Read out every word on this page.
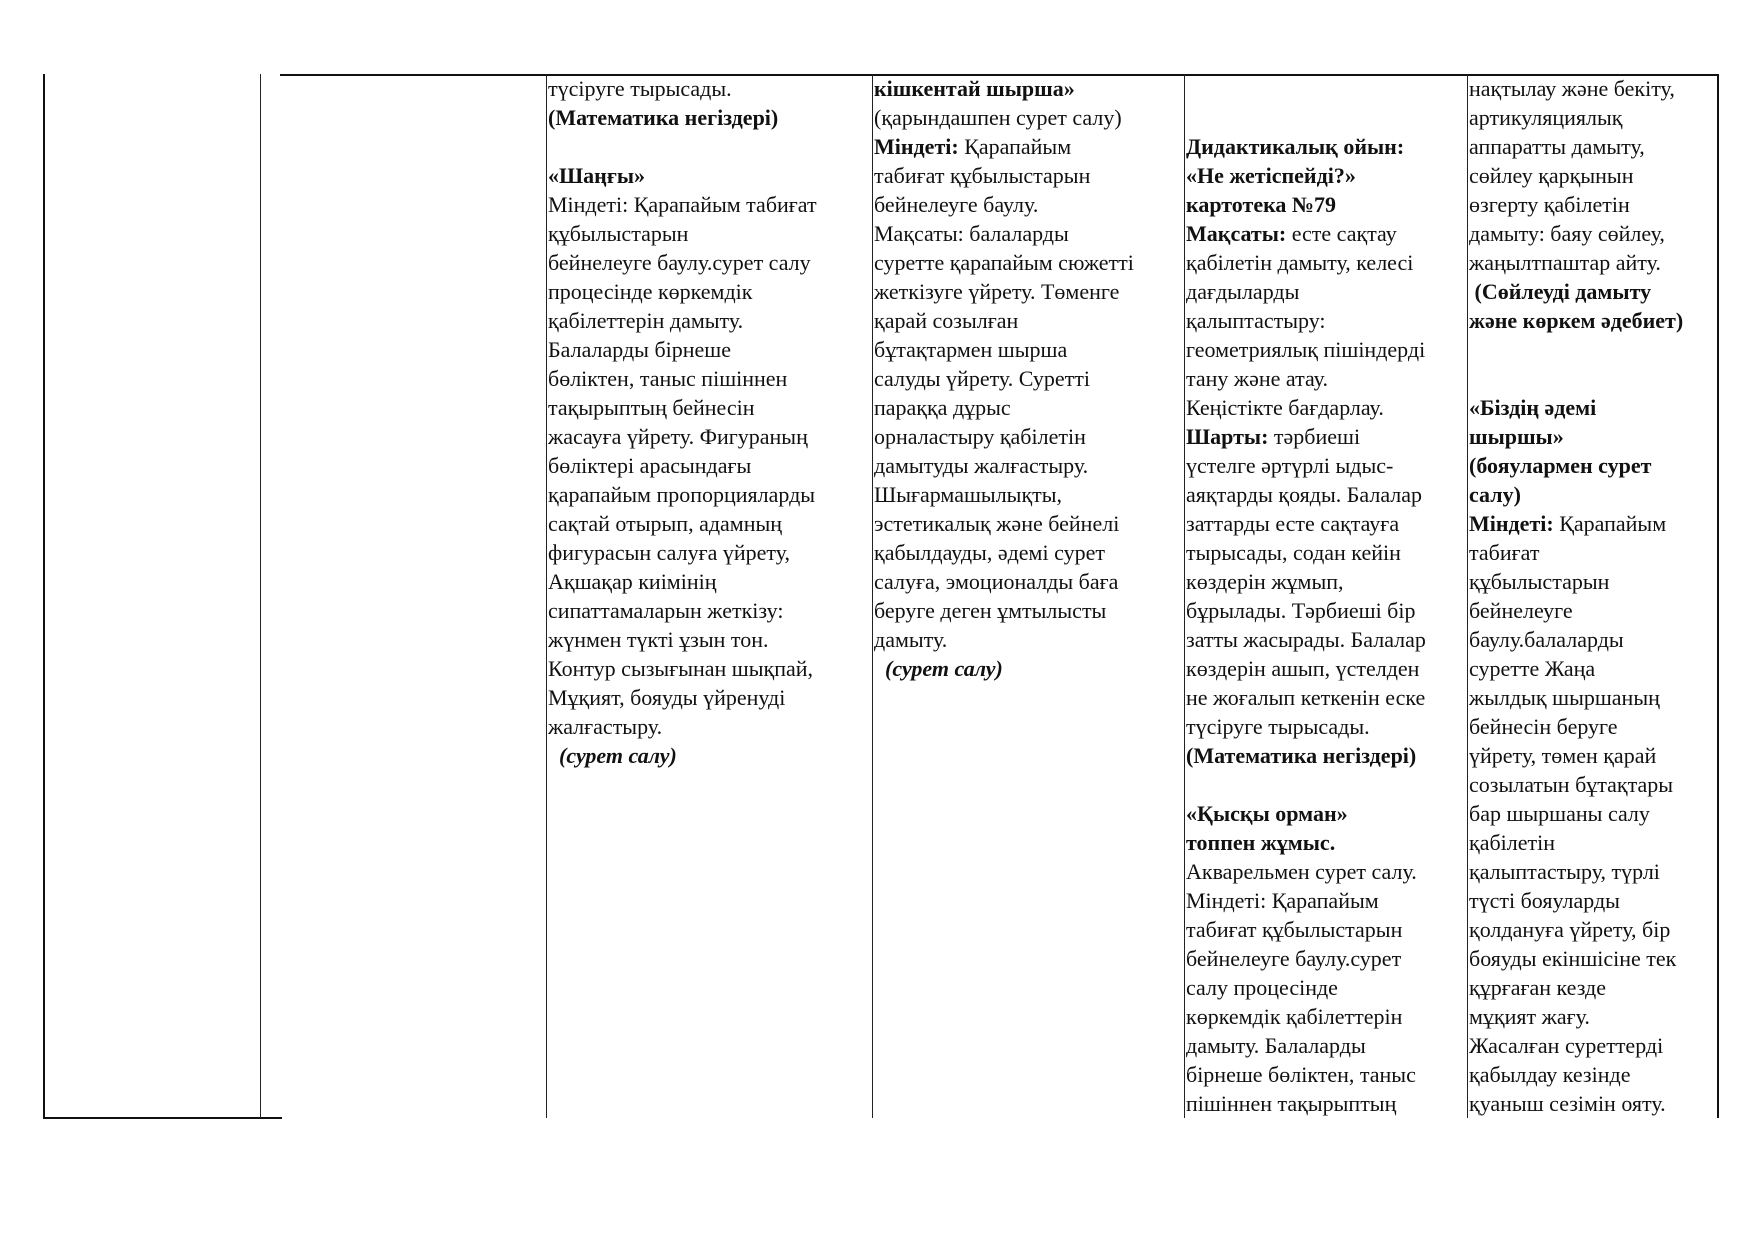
түсіруге тырысады.
(Математика негіздері)
«Шаңғы»
Міндеті: Қарапайым табиғат
құбылыстарын
бейнелеуге баулу.сурет салу
процесінде көркемдік
қабілеттерін дамыту.
Балаларды бірнеше
бөліктен, таныс пішіннен
тақырыптың бейнесін
жасауға үйрету. Фигураның
бөліктері арасындағы
қарапайым пропорцияларды
сақтай отырып, адамның
фигурасын салуға үйрету,
Ақшақар киімінің
сипаттамаларын жеткізу:
жүнмен түкті ұзын тон.
Контур сызығынан шықпай,
Мұқият, бояуды үйренуді
жалғастыру.
(сурет салу)
кішкентай шырша»
(қарындашпен сурет салу)
Міндеті: Қарапайым
табиғат құбылыстарын
бейнелеуге баулу.
Мақсаты: балаларды
суретте қарапайым сюжетті
жеткізуге үйрету. Төменге
қарай созылған
бұтақтармен шырша
салуды үйрету. Суретті
параққа дұрыс
орналастыру қабілетін
дамытуды жалғастыру.
Шығармашылықты,
эстетикалық және бейнелі
қабылдауды, әдемі сурет
салуға, эмоционалды баға
беруге деген ұмтылысты
дамыту.
(сурет салу)
Дидактикалық ойын:
«Не жетіспейді?»
картотека №79
Мақсаты: есте сақтау
қабілетін дамыту, келесі
дағдыларды
қалыптастыру:
геометриялық пішіндерді
тану және атау.
Кеңістікте бағдарлау.
Шарты: тәрбиеші
үстелге әртүрлі ыдыс-
аяқтарды қояды. Балалар
заттарды есте сақтауға
тырысады, содан кейін
көздерін жұмып,
бұрылады. Тәрбиеші бір
затты жасырады. Балалар
көздерін ашып, үстелден
не жоғалып кеткенін еске
түсіруге тырысады.
(Математика негіздері)
«Қысқы орман»
топпен жұмыс.
Акварельмен сурет салу.
Міндеті: Қарапайым
табиғат құбылыстарын
бейнелеуге баулу.сурет
салу процесінде
көркемдік қабілеттерін
дамыту. Балаларды
бірнеше бөліктен, таныс
пішіннен тақырыптың
нақтылау және бекіту,
артикуляциялық
аппаратты дамыту,
сөйлеу қарқынын
өзгерту қабілетін
дамыту: баяу сөйлеу,
жаңылтпаштар айту.
(Сөйлеуді дамыту
және көркем әдебиет)
«Біздің әдемі
шыршы»
(бояулармен сурет
салу)
Міндеті: Қарапайым
табиғат
құбылыстарын
бейнелеуге
баулу.балаларды
суретте Жаңа
жылдық шыршаның
бейнесін беруге
үйрету, төмен қарай
созылатын бұтақтары
бар шыршаны салу
қабілетін
қалыптастыру, түрлі
түсті бояуларды
қолдануға үйрету, бір
бояуды екіншісіне тек
құрғаған кезде
мұқият жағу.
Жасалған суреттерді
қабылдау кезінде
қуаныш сезімін ояту.
